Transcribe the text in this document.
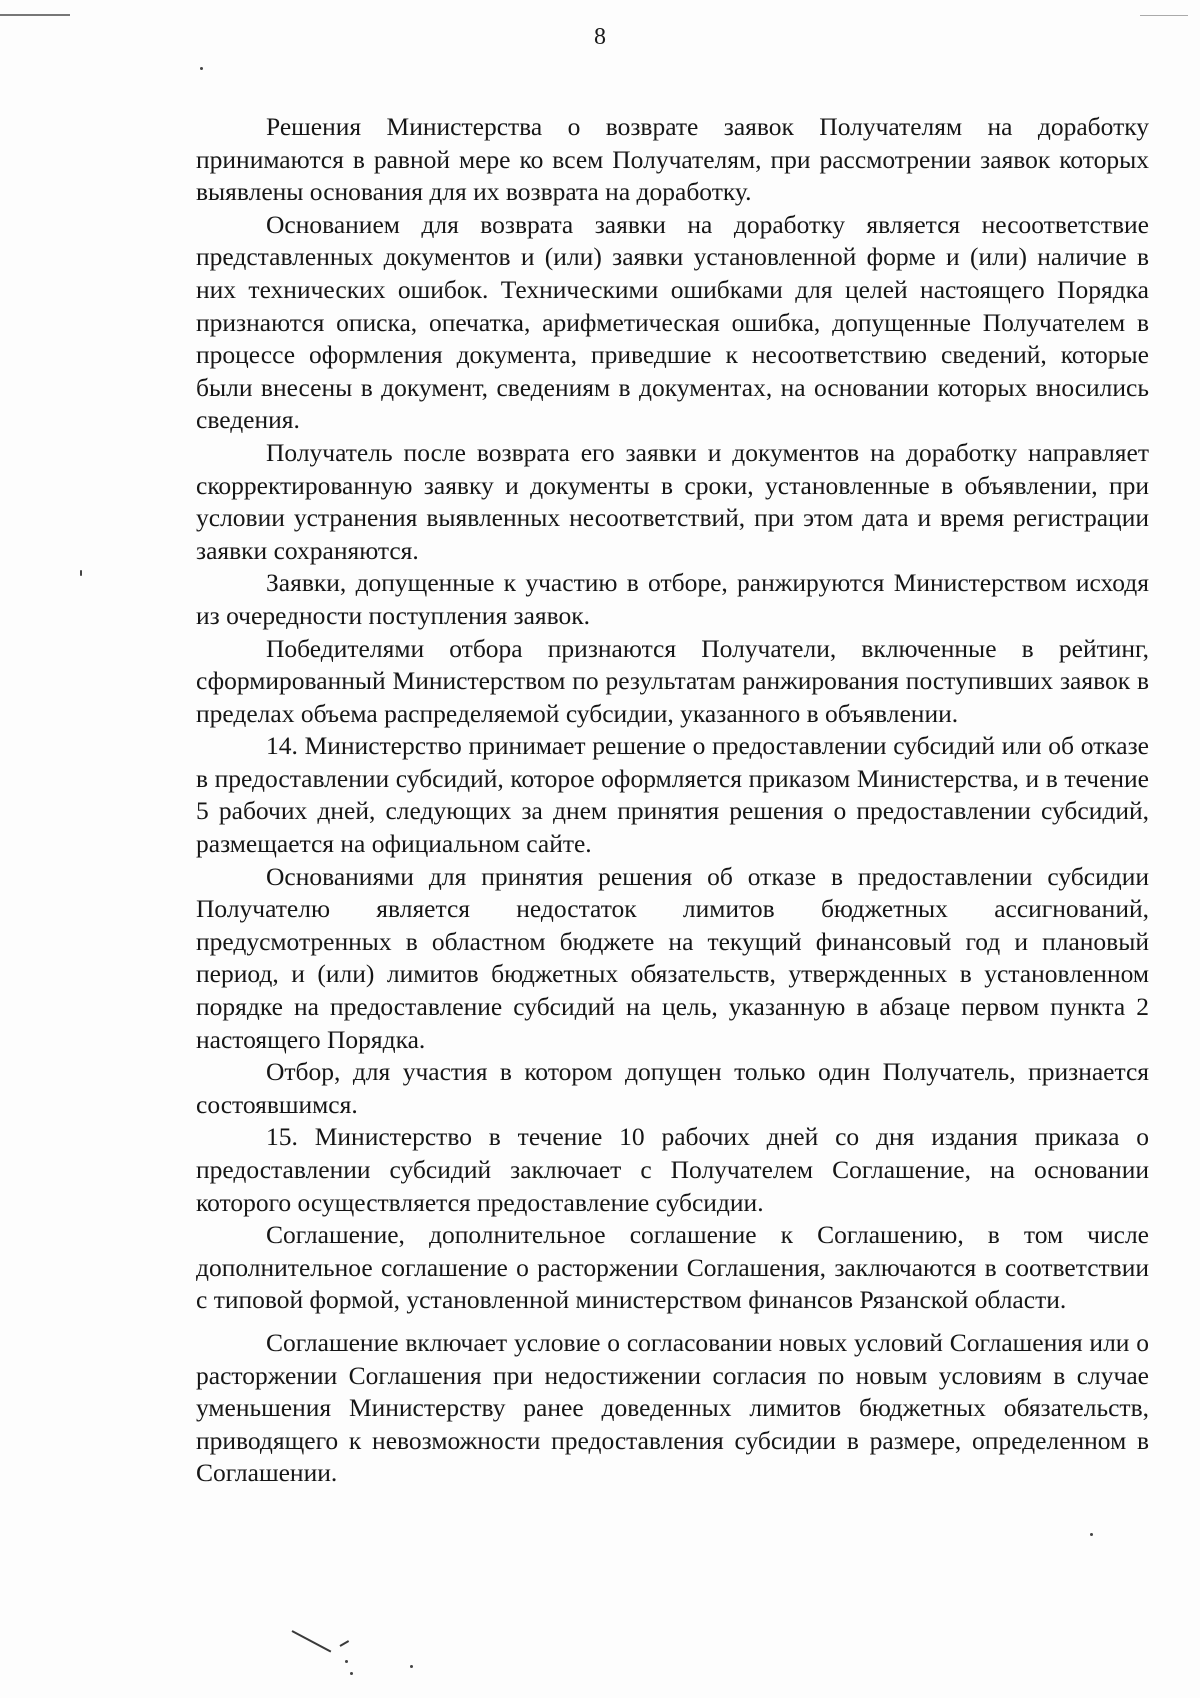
8

Решения Министерства о возврате заявок Получателям на доработку принимаются в равной мере ко всем Получателям, при рассмотрении заявок которых выявлены основания для их возврата на доработку.

Основанием для возврата заявки на доработку является несоответствие представленных документов и (или) заявки установленной форме и (или) наличие в них технических ошибок. Техническими ошибками для целей настоящего Порядка признаются описка, опечатка, арифметическая ошибка, допущенные Получателем в процессе оформления документа, приведшие к несоответствию сведений, которые были внесены в документ, сведениям в документах, на основании которых вносились сведения.

Получатель после возврата его заявки и документов на доработку направляет скорректированную заявку и документы в сроки, установленные в объявлении, при условии устранения выявленных несоответствий, при этом дата и время регистрации заявки сохраняются.

Заявки, допущенные к участию в отборе, ранжируются Министерством исходя из очередности поступления заявок.

Победителями отбора признаются Получатели, включенные в рейтинг, сформированный Министерством по результатам ранжирования поступивших заявок в пределах объема распределяемой субсидии, указанного в объявлении.

14. Министерство принимает решение о предоставлении субсидий или об отказе в предоставлении субсидий, которое оформляется приказом Министерства, и в течение 5 рабочих дней, следующих за днем принятия решения о предоставлении субсидий, размещается на официальном сайте.

Основаниями для принятия решения об отказе в предоставлении субсидии Получателю является недостаток лимитов бюджетных ассигнований, предусмотренных в областном бюджете на текущий финансовый год и плановый период, и (или) лимитов бюджетных обязательств, утвержденных в установленном порядке на предоставление субсидий на цель, указанную в абзаце первом пункта 2 настоящего Порядка.

Отбор, для участия в котором допущен только один Получатель, признается состоявшимся.

15. Министерство в течение 10 рабочих дней со дня издания приказа о предоставлении субсидий заключает с Получателем Соглашение, на основании которого осуществляется предоставление субсидии.

Соглашение, дополнительное соглашение к Соглашению, в том числе дополнительное соглашение о расторжении Соглашения, заключаются в соответствии с типовой формой, установленной министерством финансов Рязанской области.

Соглашение включает условие о согласовании новых условий Соглашения или о расторжении Соглашения при недостижении согласия по новым условиям в случае уменьшения Министерству ранее доведенных лимитов бюджетных обязательств, приводящего к невозможности предоставления субсидии в размере, определенном в Соглашении.
